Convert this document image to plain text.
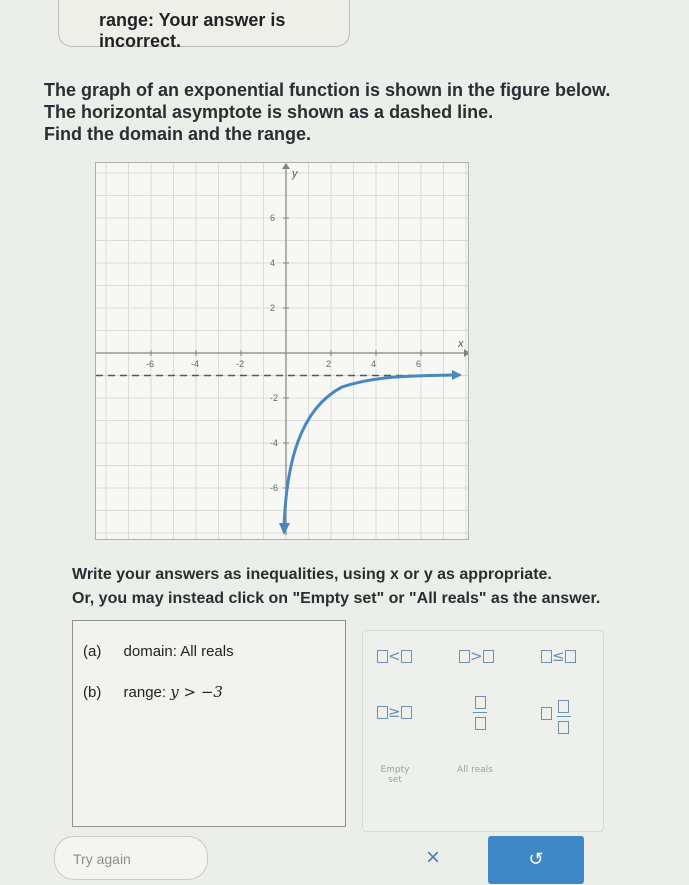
range: Your answer is incorrect.
The graph of an exponential function is shown in the figure below.
The horizontal asymptote is shown as a dashed line.
Find the domain and the range.
y
x
-6	-4	-2	2	4	6
6
4
2
-2
-4
-6
Write your answers as inequalities, using x or y as appropriate.
Or, you may instead click on "Empty set" or "All reals" as the answer.
(a) domain: All reals
(b) range: y > −3
<	>	≤
≥

Empty set
All reals
Try again	×	↺
